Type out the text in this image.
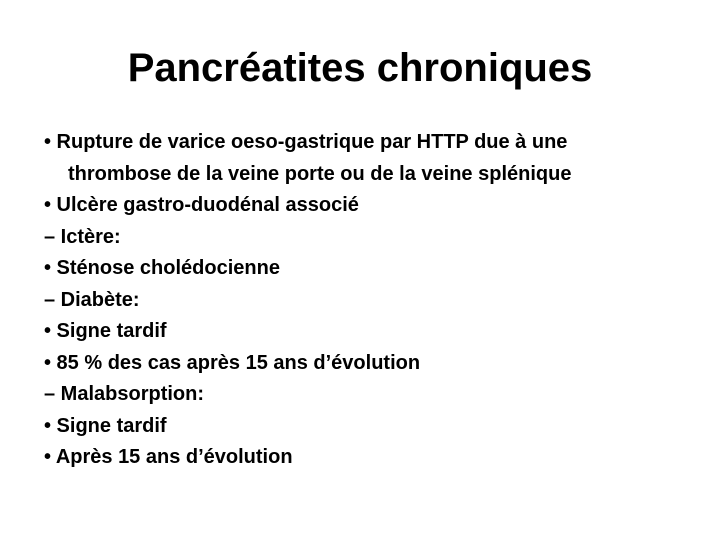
Pancréatites chroniques
• Rupture de varice oeso-gastrique par HTTP due à une
thrombose de la veine porte ou de la veine splénique
• Ulcère gastro-duodénal associé
– Ictère:
• Sténose cholédocienne
– Diabète:
• Signe tardif
• 85 % des cas après 15 ans d’évolution
– Malabsorption:
• Signe tardif
• Après 15 ans d’évolution
